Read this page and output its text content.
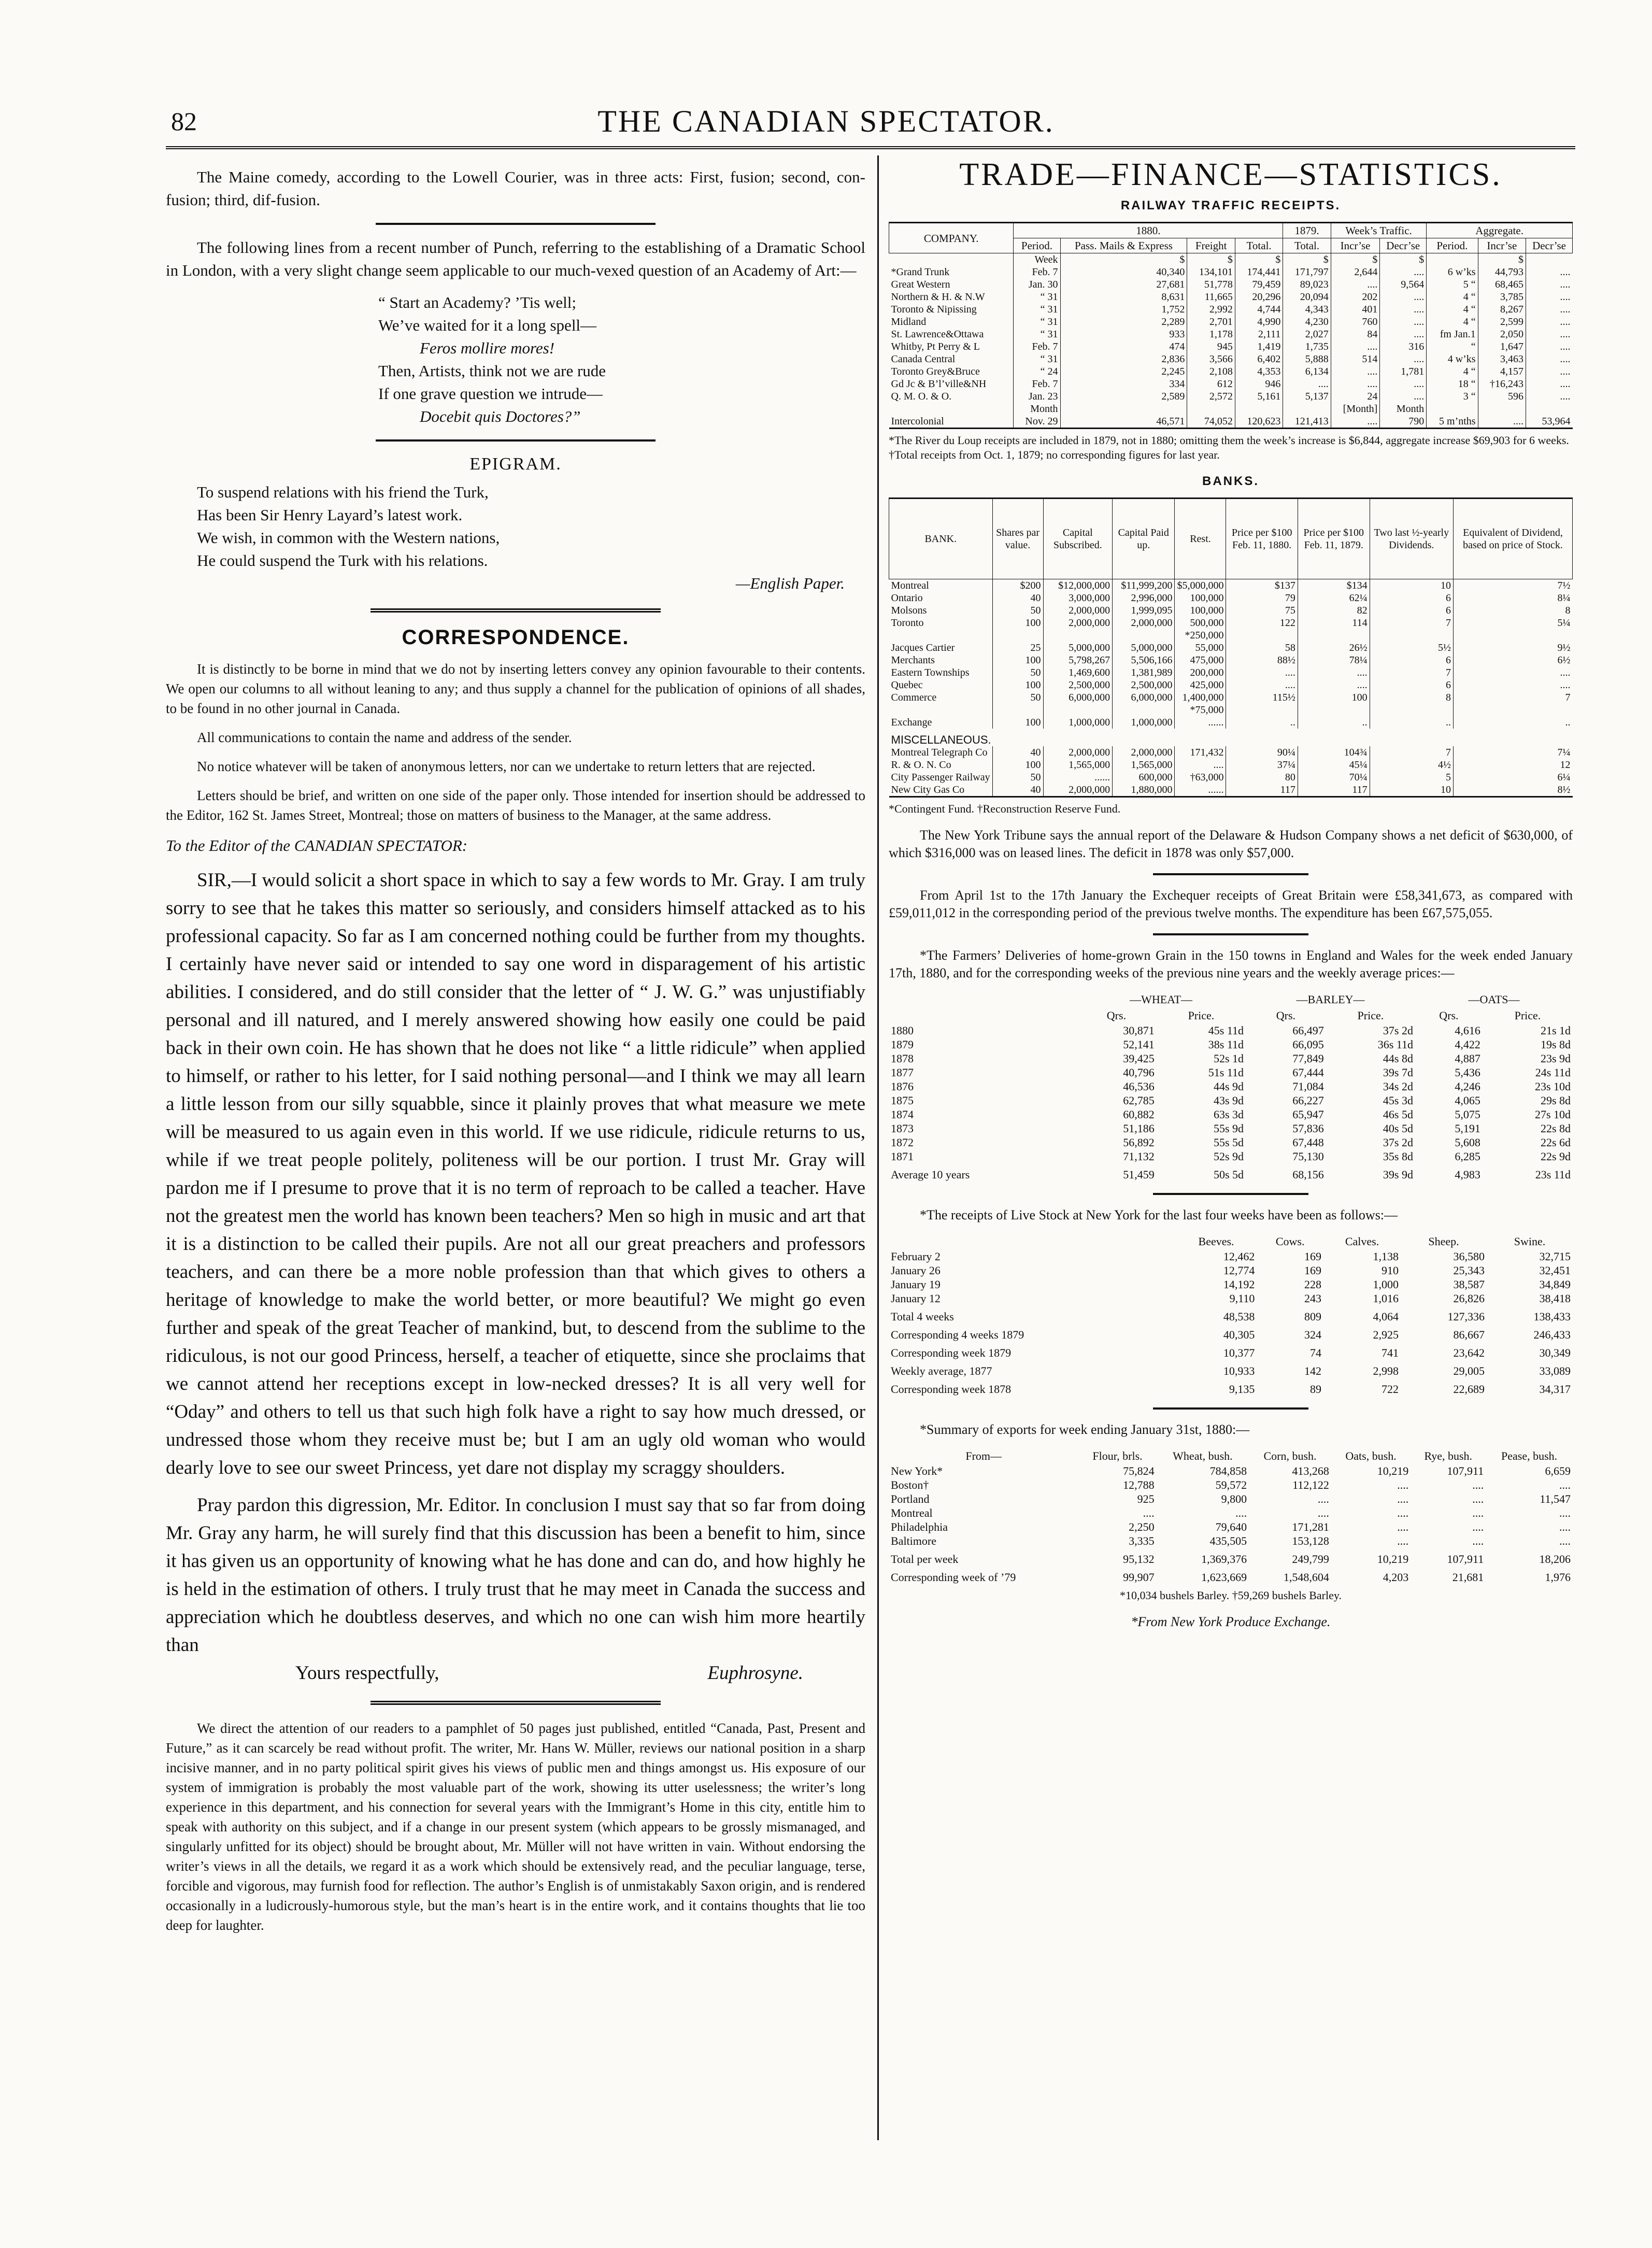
82	THE CANADIAN SPECTATOR.

The Maine comedy, according to the Lowell Courier, was in three acts: First, fusion; second, con-fusion; third, dif-fusion.

The following lines from a recent number of Punch, referring to the establishing of a Dramatic School in London, with a very slight change seem applicable to our much-vexed question of an Academy of Art:—

“ Start an Academy? ’Tis well;
We’ve waited for it a long spell—
Feros mollire mores!
Then, Artists, think not we are rude
If one grave question we intrude—
Docebit quis Doctores?”
EPIGRAM.
To suspend relations with his friend the Turk,
Has been Sir Henry Layard’s latest work.
We wish, in common with the Western nations,
He could suspend the Turk with his relations.
—English Paper.
CORRESPONDENCE.

It is distinctly to be borne in mind that we do not by inserting letters convey any opinion favourable to their contents. We open our columns to all without leaning to any; and thus supply a channel for the publication of opinions of all shades, to be found in no other journal in Canada.

All communications to contain the name and address of the sender.

No notice whatever will be taken of anonymous letters, nor can we undertake to return letters that are rejected.

Letters should be brief, and written on one side of the paper only. Those intended for insertion should be addressed to the Editor, 162 St. James Street, Montreal; those on matters of business to the Manager, at the same address.

To the Editor of the CANADIAN SPECTATOR:

SIR,—I would solicit a short space in which to say a few words to Mr. Gray. I am truly sorry to see that he takes this matter so seriously, and considers himself attacked as to his professional capacity. So far as I am concerned nothing could be further from my thoughts. I certainly have never said or intended to say one word in disparagement of his artistic abilities. I considered, and do still consider that the letter of “ J. W. G.” was unjustifiably personal and ill natured, and I merely answered showing how easily one could be paid back in their own coin. He has shown that he does not like “ a little ridicule” when applied to himself, or rather to his letter, for I said nothing personal—and I think we may all learn a little lesson from our silly squabble, since it plainly proves that what measure we mete will be measured to us again even in this world. If we use ridicule, ridicule returns to us, while if we treat people politely, politeness will be our portion. I trust Mr. Gray will pardon me if I presume to prove that it is no term of reproach to be called a teacher. Have not the greatest men the world has known been teachers? Men so high in music and art that it is a distinction to be called their pupils. Are not all our great preachers and professors teachers, and can there be a more noble profession than that which gives to others a heritage of knowledge to make the world better, or more beautiful? We might go even further and speak of the great Teacher of mankind, but, to descend from the sublime to the ridiculous, is not our good Princess, herself, a teacher of etiquette, since she proclaims that we cannot attend her receptions except in low-necked dresses? It is all very well for “Oday” and others to tell us that such high folk have a right to say how much dressed, or undressed those whom they receive must be; but I am an ugly old woman who would dearly love to see our sweet Princess, yet dare not display my scraggy shoulders.

Pray pardon this digression, Mr. Editor. In conclusion I must say that so far from doing Mr. Gray any harm, he will surely find that this discussion has been a benefit to him, since it has given us an opportunity of knowing what he has done and can do, and how highly he is held in the estimation of others. I truly trust that he may meet in Canada the success and appreciation which he doubtless deserves, and which no one can wish him more heartily than

Yours respectfully,	Euphrosyne.

We direct the attention of our readers to a pamphlet of 50 pages just published, entitled “Canada, Past, Present and Future,” as it can scarcely be read without profit. The writer, Mr. Hans W. Müller, reviews our national position in a sharp incisive manner, and in no party political spirit gives his views of public men and things amongst us. His exposure of our system of immigration is probably the most valuable part of the work, showing its utter uselessness; the writer’s long experience in this department, and his connection for several years with the Immigrant’s Home in this city, entitle him to speak with authority on this subject, and if a change in our present system (which appears to be grossly mismanaged, and singularly unfitted for its object) should be brought about, Mr. Müller will not have written in vain. Without endorsing the writer’s views in all the details, we regard it as a work which should be extensively read, and the peculiar language, terse, forcible and vigorous, may furnish food for reflection. The author’s English is of unmistakably Saxon origin, and is rendered occasionally in a ludicrously-humorous style, but the man’s heart is in the entire work, and it contains thoughts that lie too deep for laughter.

TRADE—FINANCE—STATISTICS.
RAILWAY TRAFFIC RECEIPTS.
COMPANY.	1880.				1879.	Week’s Traffic.		Aggregate.		
	Period.	Pass. Mails & Express	Freight	Total.	Total.	Incr’se	Decr’se	Period.	Incr’se	Decr’se
	Week	$	$	$	$	$	$		$	
*Grand Trunk	Feb. 7	40,340	134,101	174,441	171,797	2,644	....	6 w’ks	44,793	....
Great Western	Jan. 30	27,681	51,778	79,459	89,023	....	9,564	5 “	68,465	....
Northern & H. & N.W	“ 31	8,631	11,665	20,296	20,094	202	....	4 “	3,785	....
Toronto & Nipissing	“ 31	1,752	2,992	4,744	4,343	401	....	4 “	8,267	....
Midland	“ 31	2,289	2,701	4,990	4,230	760	....	4 “	2,599	....
St. Lawrence&Ottawa	“ 31	933	1,178	2,111	2,027	84	....	fm Jan.1	2,050	....
Whitby, Pt Perry & L	Feb. 7	474	945	1,419	1,735	....	316	“	1,647	....
Canada Central	“ 31	2,836	3,566	6,402	5,888	514	....	4 w’ks	3,463	....
Toronto Grey&Bruce	“ 24	2,245	2,108	4,353	6,134	....	1,781	4 “	4,157	....
Gd Jc & B’l’ville&NH	Feb. 7	334	612	946	....	....	....	18 “	†16,243	....
Q. M. O. & O.	Jan. 23	2,589	2,572	5,161	5,137	24	....	3 “	596	....
	Month					[Month]	Month			
Intercolonial	Nov. 29	46,571	74,052	120,623	121,413	....	790	5 m’nths	....	53,964
*The River du Loup receipts are included in 1879, not in 1880; omitting them the week’s increase is $6,844, aggregate increase $69,903 for 6 weeks.
†Total receipts from Oct. 1, 1879; no corresponding figures for last year.
BANKS.
BANK.	Shares par value.	Capital Subscribed.	Capital Paid up.	Rest.	Price per $100 Feb. 11, 1880.	Price per $100 Feb. 11, 1879.	Two last ½-yearly Dividends.	Equivalent of Dividend, based on price of Stock.
Montreal	$200	$12,000,000	$11,999,200	$5,000,000	$137	$134	10	7½
Ontario	40	3,000,000	2,996,000	100,000	79	62¼	6	8¼
Molsons	50	2,000,000	1,999,095	100,000	75	82	6	8
Toronto	100	2,000,000	2,000,000	500,000	122	114	7	5¼
				*250,000				
Jacques Cartier	25	5,000,000	5,000,000	55,000	58	26½	5½	9½
Merchants	100	5,798,267	5,506,166	475,000	88½	78¼	6	6½
Eastern Townships	50	1,469,600	1,381,989	200,000	....	....	7	....
Quebec	100	2,500,000	2,500,000	425,000	....	....	6	....
Commerce	50	6,000,000	6,000,000	1,400,000	115½	100	8	7
				*75,000				
Exchange	100	1,000,000	1,000,000	......	..	..	..	..
MISCELLANEOUS.								
Montreal Telegraph Co	40	2,000,000	2,000,000	171,432	90¼	104¾	7	7¼
R. & O. N. Co	100	1,565,000	1,565,000	....	37¼	45¼	4½	12
City Passenger Railway	50	......	600,000	†63,000	80	70¼	5	6¼
New City Gas Co	40	2,000,000	1,880,000	......	117	117	10	8½
*Contingent Fund. †Reconstruction Reserve Fund.

The New York Tribune says the annual report of the Delaware & Hudson Company shows a net deficit of $630,000, of which $316,000 was on leased lines. The deficit in 1878 was only $57,000.

From April 1st to the 17th January the Exchequer receipts of Great Britain were £58,341,673, as compared with £59,011,012 in the corresponding period of the previous twelve months. The expenditure has been £67,575,055.

*The Farmers’ Deliveries of home-grown Grain in the 150 towns in England and Wales for the week ended January 17th, 1880, and for the corresponding weeks of the previous nine years and the weekly average prices:—

	—WHEAT—		—BARLEY—		—OATS—	
	Qrs.	Price.	Qrs.	Price.	Qrs.	Price.
1880	30,871	45s 11d	66,497	37s 2d	4,616	21s 1d
1879	52,141	38s 11d	66,095	36s 11d	4,422	19s 8d
1878	39,425	52s 1d	77,849	44s 8d	4,887	23s 9d
1877	40,796	51s 11d	67,444	39s 7d	5,436	24s 11d
1876	46,536	44s 9d	71,084	34s 2d	4,246	23s 10d
1875	62,785	43s 9d	66,227	45s 3d	4,065	29s 8d
1874	60,882	63s 3d	65,947	46s 5d	5,075	27s 10d
1873	51,186	55s 9d	57,836	40s 5d	5,191	22s 8d
1872	56,892	55s 5d	67,448	37s 2d	5,608	22s 6d
1871	71,132	52s 9d	75,130	35s 8d	6,285	22s 9d
Average 10 years	51,459	50s 5d	68,156	39s 9d	4,983	23s 11d

*The receipts of Live Stock at New York for the last four weeks have been as follows:—

	Beeves.	Cows.	Calves.	Sheep.	Swine.
February 2	12,462	169	1,138	36,580	32,715
January 26	12,774	169	910	25,343	32,451
January 19	14,192	228	1,000	38,587	34,849
January 12	9,110	243	1,016	26,826	38,418
Total 4 weeks	48,538	809	4,064	127,336	138,433
Corresponding 4 weeks 1879	40,305	324	2,925	86,667	246,433
Corresponding week 1879	10,377	74	741	23,642	30,349
Weekly average, 1877	10,933	142	2,998	29,005	33,089
Corresponding week 1878	9,135	89	722	22,689	34,317

*Summary of exports for week ending January 31st, 1880:—

From—	Flour, brls.	Wheat, bush.	Corn, bush.	Oats, bush.	Rye, bush.	Pease, bush.
New York*	75,824	784,858	413,268	10,219	107,911	6,659
Boston†	12,788	59,572	112,122	....	....	....
Portland	925	9,800	....	....	....	11,547
Montreal	....	....	....	....	....	....
Philadelphia	2,250	79,640	171,281	....	....	....
Baltimore	3,335	435,505	153,128	....	....	....
Total per week	95,132	1,369,376	249,799	10,219	107,911	18,206
Corresponding week of ’79	99,907	1,623,669	1,548,604	4,203	21,681	1,976
*10,034 bushels Barley. †59,269 bushels Barley.
*From New York Produce Exchange.
